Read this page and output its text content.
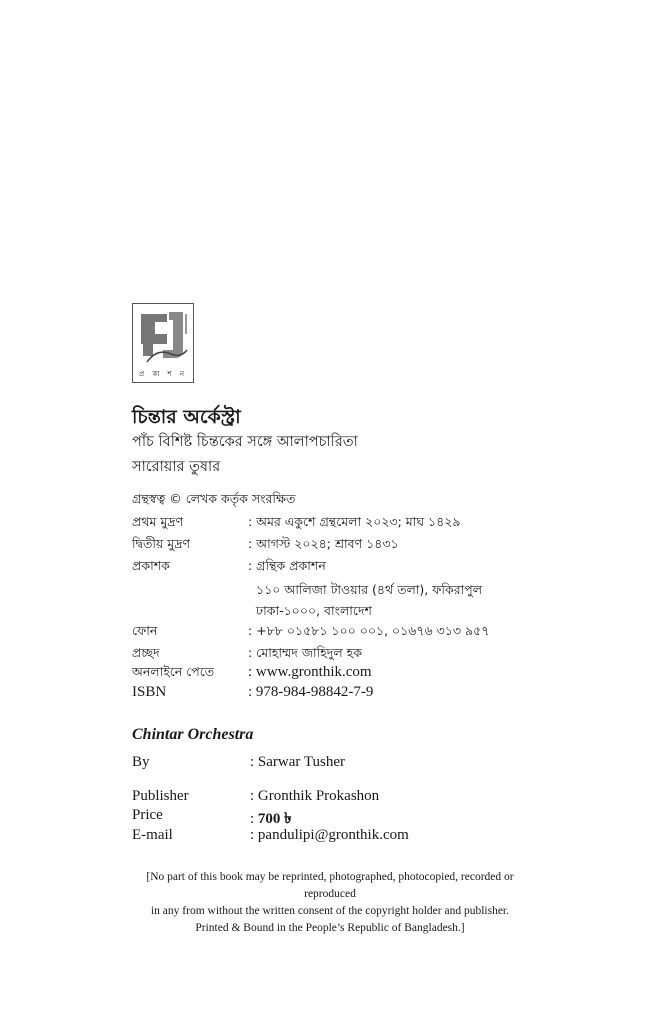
প্র কা শ ন
চিন্তার অর্কেস্ট্রা
পাঁচ বিশিষ্ট চিন্তকের সঙ্গে আলাপচারিতা
সারোয়ার তুষার
গ্রন্থস্বত্ব © লেখক কর্তৃক সংরক্ষিত
প্রথম মুদ্রণ	: অমর একুশে গ্রন্থমেলা ২০২৩; মাঘ ১৪২৯
দ্বিতীয় মুদ্রণ	: আগস্ট ২০২৪; শ্রাবণ ১৪৩১
প্রকাশক	: গ্রন্থিক প্রকাশন
১১০ আলিজা টাওয়ার (৪র্থ তলা), ফকিরাপুল
ঢাকা-১০০০, বাংলাদেশ
ফোন	: +৮৮ ০১৫৮১ ১০০ ০০১, ০১৬৭৬ ৩১৩ ৯৫৭
প্রচ্ছদ	: মোহাম্মদ জাহিদুল হক
অনলাইনে পেতে : www.gronthik.com
ISBN	: 978-984-98842-7-9
Chintar Orchestra
By	: Sarwar Tusher
Publisher	: Gronthik Prokashon
Price	: 700 ৳
E-mail	: pandulipi@gronthik.com
[No part of this book may be reprinted, photographed, photocopied, recorded or reproduced
in any from without the written consent of the copyright holder and publisher.
Printed & Bound in the People’s Republic of Bangladesh.]
